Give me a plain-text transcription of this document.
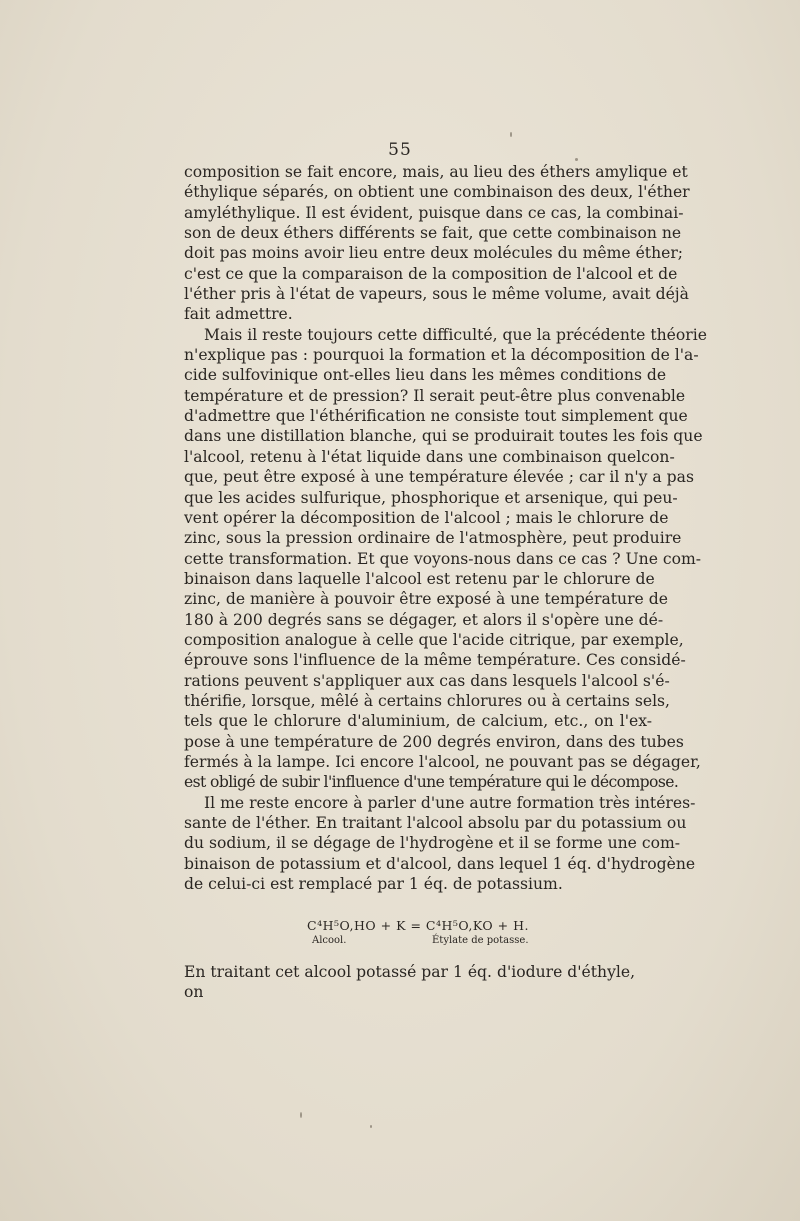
55
composition se fait encore, mais, au lieu des éthers amylique et
éthylique séparés, on obtient une combinaison des deux, l'éther
amyléthylique. Il est évident, puisque dans ce cas, la combinai-
son de deux éthers différents se fait, que cette combinaison ne
doit pas moins avoir lieu entre deux molécules du même éther;
c'est ce que la comparaison de la composition de l'alcool et de
l'éther pris à l'état de vapeurs, sous le même volume, avait déjà
fait admettre.
Mais il reste toujours cette difficulté, que la précédente théorie
n'explique pas : pourquoi la formation et la décomposition de l'a-
cide sulfovinique ont-elles lieu dans les mêmes conditions de
température et de pression? Il serait peut-être plus convenable
d'admettre que l'éthérification ne consiste tout simplement que
dans une distillation blanche, qui se produirait toutes les fois que
l'alcool, retenu à l'état liquide dans une combinaison quelcon-
que, peut être exposé à une température élevée ; car il n'y a pas
que les acides sulfurique, phosphorique et arsenique, qui peu-
vent opérer la décomposition de l'alcool ; mais le chlorure de
zinc, sous la pression ordinaire de l'atmosphère, peut produire
cette transformation. Et que voyons-nous dans ce cas ? Une com-
binaison dans laquelle l'alcool est retenu par le chlorure de
zinc, de manière à pouvoir être exposé à une température de
180 à 200 degrés sans se dégager, et alors il s'opère une dé-
composition analogue à celle que l'acide citrique, par exemple,
éprouve sons l'influence de la même température. Ces considé-
rations peuvent s'appliquer aux cas dans lesquels l'alcool s'é-
thérifie, lorsque, mêlé à certains chlorures ou à certains sels,
tels que le chlorure d'aluminium, de calcium, etc., on l'ex-
pose à une température de 200 degrés environ, dans des tubes
fermés à la lampe. Ici encore l'alcool, ne pouvant pas se dégager,
est obligé de subir l'influence d'une température qui le décompose.
Il me reste encore à parler d'une autre formation très intéres-
sante de l'éther. En traitant l'alcool absolu par du potassium ou
du sodium, il se dégage de l'hydrogène et il se forme une com-
binaison de potassium et d'alcool, dans lequel 1 éq. d'hydrogène
de celui-ci est remplacé par 1 éq. de potassium.
C⁴H⁵O,HO + K = C⁴H⁵O,KO + H.
Alcool.	Étylate de potasse.
En traitant cet alcool potassé par 1 éq. d'iodure d'éthyle, on
